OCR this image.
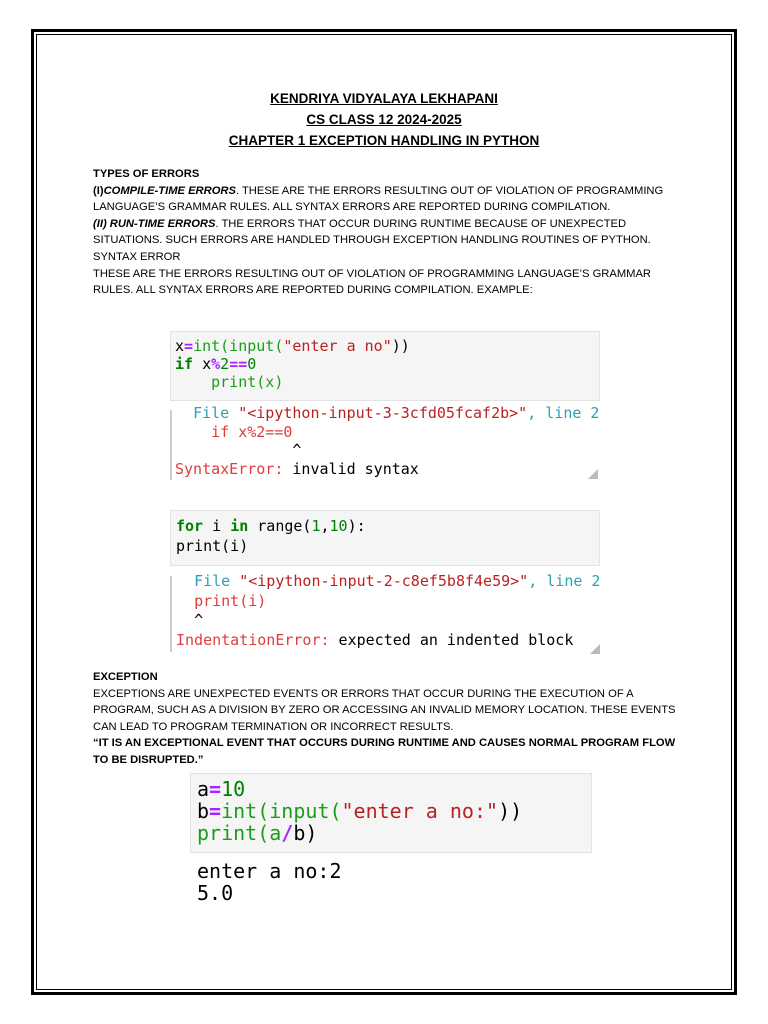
KENDRIYA VIDYALAYA LEKHAPANI
CS CLASS 12 2024-2025
CHAPTER 1 EXCEPTION HANDLING IN PYTHON

TYPES OF ERRORS

(I)COMPILE-TIME ERRORS. THESE ARE THE ERRORS RESULTING OUT OF VIOLATION OF PROGRAMMING LANGUAGE’S GRAMMAR RULES. ALL SYNTAX ERRORS ARE REPORTED DURING COMPILATION.

(II) RUN-TIME ERRORS. THE ERRORS THAT OCCUR DURING RUNTIME BECAUSE OF UNEXPECTED SITUATIONS. SUCH ERRORS ARE HANDLED THROUGH EXCEPTION HANDLING ROUTINES OF PYTHON.

SYNTAX ERROR

THESE ARE THE ERRORS RESULTING OUT OF VIOLATION OF PROGRAMMING LANGUAGE’S GRAMMAR RULES. ALL SYNTAX ERRORS ARE REPORTED DURING COMPILATION. EXAMPLE:

x=int(input("enter a no"))
if x%2==0
print(x)
File "<ipython-input-3-3cfd05fcaf2b>", line 2
if x%2==0
^
SyntaxError: invalid syntax
for i in range(1,10):
print(i)
File "<ipython-input-2-c8ef5b8f4e59>", line 2
print(i)
^
IndentationError: expected an indented block

EXCEPTION

EXCEPTIONS ARE UNEXPECTED EVENTS OR ERRORS THAT OCCUR DURING THE EXECUTION OF A PROGRAM, SUCH AS A DIVISION BY ZERO OR ACCESSING AN INVALID MEMORY LOCATION. THESE EVENTS CAN LEAD TO PROGRAM TERMINATION OR INCORRECT RESULTS.

“IT IS AN EXCEPTIONAL EVENT THAT OCCURS DURING RUNTIME AND CAUSES NORMAL PROGRAM FLOW TO BE DISRUPTED.”

a=10
b=int(input("enter a no:"))
print(a/b)
enter a no:2
5.0
